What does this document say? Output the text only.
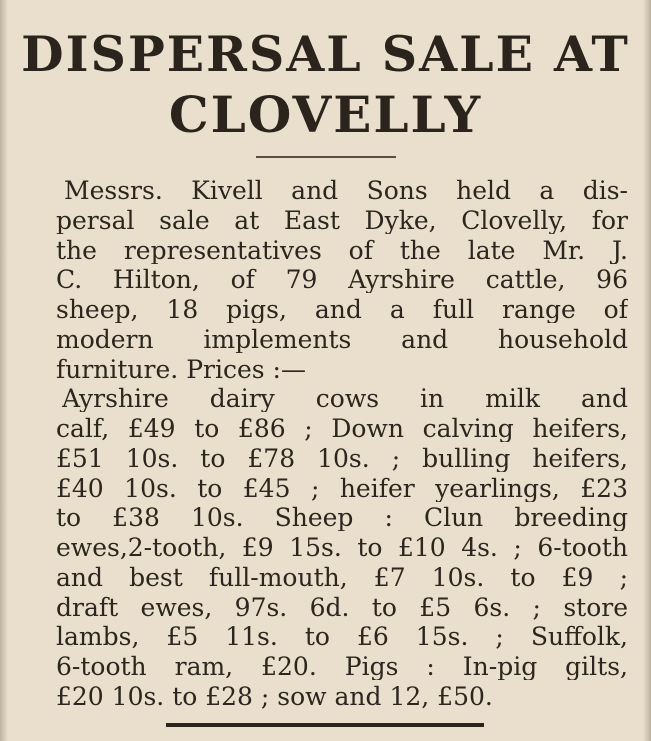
DISPERSAL SALE AT
CLOVELLY
Messrs. Kivell and Sons held a dis-
persal sale at East Dyke, Clovelly, for
the representatives of the late Mr. J.
C. Hilton, of 79 Ayrshire cattle, 96
sheep, 18 pigs, and a full range of
modern implements and household
furniture. Prices :—
Ayrshire dairy cows in milk and
calf, £49 to £86 ; Down calving heifers,
£51 10s. to £78 10s. ; bulling heifers,
£40 10s. to £45 ; heifer yearlings, £23
to £38 10s. Sheep : Clun breeding
ewes,2-tooth, £9 15s. to £10 4s. ; 6-tooth
and best full-mouth, £7 10s. to £9 ;
draft ewes, 97s. 6d. to £5 6s. ; store
lambs, £5 11s. to £6 15s. ; Suffolk,
6-tooth ram, £20. Pigs : In-pig gilts,
£20 10s. to £28 ; sow and 12, £50.
